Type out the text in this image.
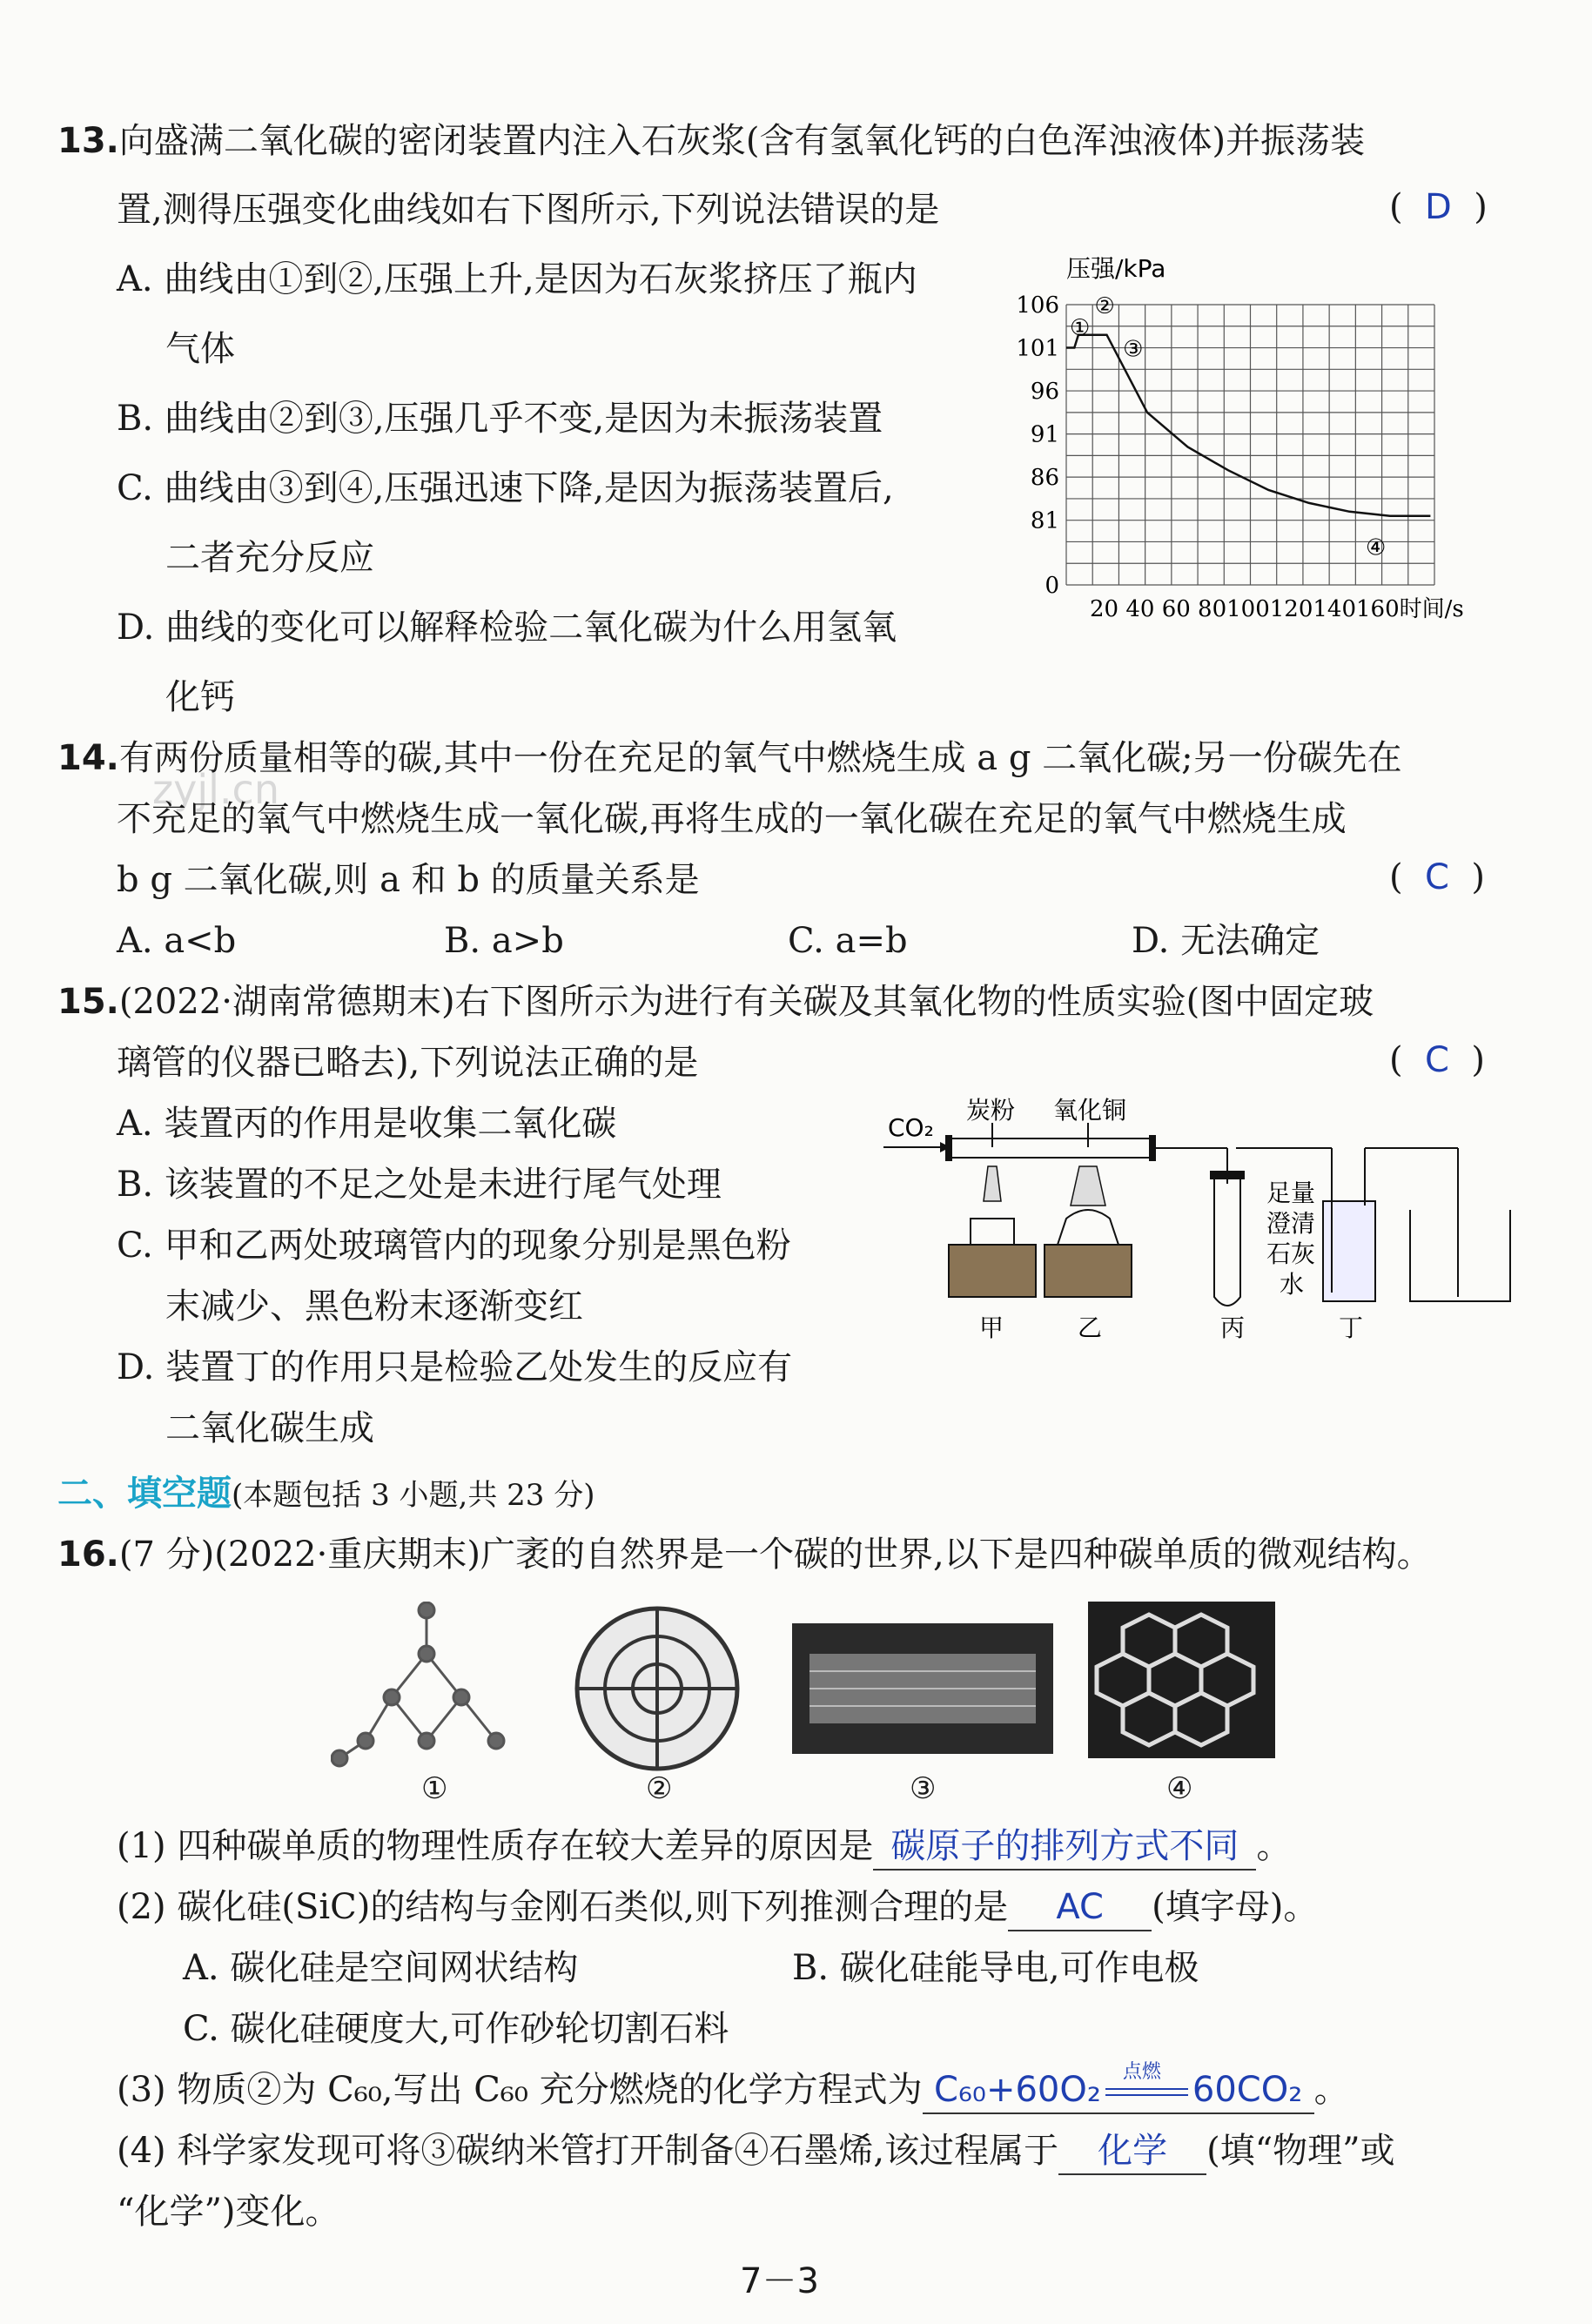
13.向盛满二氧化碳的密闭装置内注入石灰浆(含有氢氧化钙的白色浑浊液体)并振荡装
置,测得压强变化曲线如右下图所示,下列说法错误的是	(  D  )
A. 曲线由①到②,压强上升,是因为石灰浆挤压了瓶内
气体
B. 曲线由②到③,压强几乎不变,是因为未振荡装置
C. 曲线由③到④,压强迅速下降,是因为振荡装置后,
二者充分反应
D. 曲线的变化可以解释检验二氧化碳为什么用氢氧
化钙
106
101
96
91
86
81
0
①
②
③
④
压强/kPa
20 40 60 80100120140160时间/s
zyjl.cn
14.有两份质量相等的碳,其中一份在充足的氧气中燃烧生成 a g 二氧化碳;另一份碳先在
不充足的氧气中燃烧生成一氧化碳,再将生成的一氧化碳在充足的氧气中燃烧生成
b g 二氧化碳,则 a 和 b 的质量关系是	(  C  )
A. a<b	B. a>b	C. a=b	D. 无法确定
15.(2022·湖南常德期末)右下图所示为进行有关碳及其氧化物的性质实验(图中固定玻
璃管的仪器已略去),下列说法正确的是	(  C  )
A. 装置丙的作用是收集二氧化碳
B. 该装置的不足之处是未进行尾气处理
C. 甲和乙两处玻璃管内的现象分别是黑色粉
末减少、黑色粉末逐渐变红
D. 装置丁的作用只是检验乙处发生的反应有
二氧化碳生成
CO₂
炭粉 氧化铜
甲	乙	丙
足量
澄清
石灰
水
丁
二、填空题(本题包括 3 小题,共 23 分)
16.(7 分)(2022·重庆期末)广袤的自然界是一个碳的世界,以下是四种碳单质的微观结构。
①	②	③	④
(1) 四种碳单质的物理性质存在较大差异的原因是 碳原子的排列方式不同 。
(2) 碳化硅(SiC)的结构与金刚石类似,则下列推测合理的是 AC (填字母)。
A. 碳化硅是空间网状结构	B. 碳化硅能导电,可作电极
C. 碳化硅硬度大,可作砂轮切割石料
(3) 物质②为 C₆₀,写出 C₆₀ 充分燃烧的化学方程式为 C₆₀+60O₂ 点燃 60CO₂ 。
(4) 科学家发现可将③碳纳米管打开制备④石墨烯,该过程属于 化学 (填“物理”或
“化学”)变化。
7－3
